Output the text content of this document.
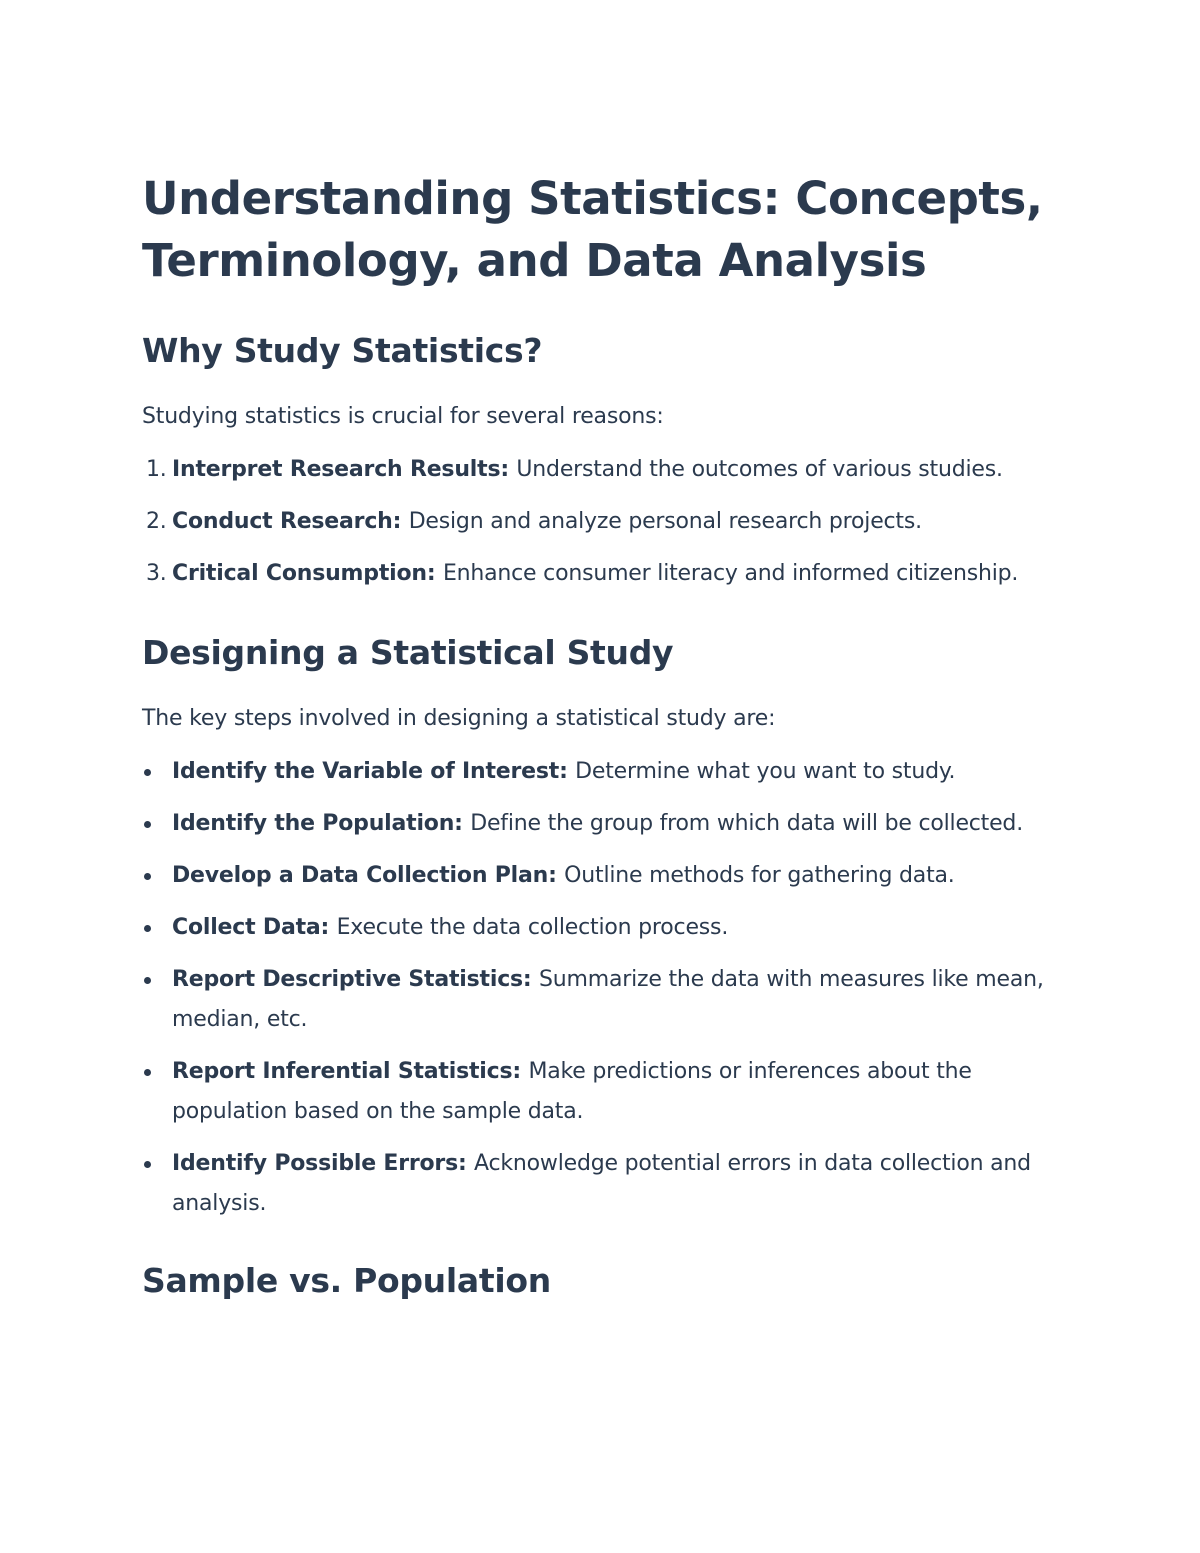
Understanding Statistics: Concepts, Terminology, and Data Analysis
Why Study Statistics?

Studying statistics is crucial for several reasons:

1. Interpret Research Results: Understand the outcomes of various studies.
2. Conduct Research: Design and analyze personal research projects.
3. Critical Consumption: Enhance consumer literacy and informed citizenship.
Designing a Statistical Study

The key steps involved in designing a statistical study are:

Identify the Variable of Interest: Determine what you want to study.
Identify the Population: Define the group from which data will be collected.
Develop a Data Collection Plan: Outline methods for gathering data.
Collect Data: Execute the data collection process.
Report Descriptive Statistics: Summarize the data with measures like mean, median, etc.
Report Inferential Statistics: Make predictions or inferences about the population based on the sample data.
Identify Possible Errors: Acknowledge potential errors in data collection and analysis.
Sample vs. Population
